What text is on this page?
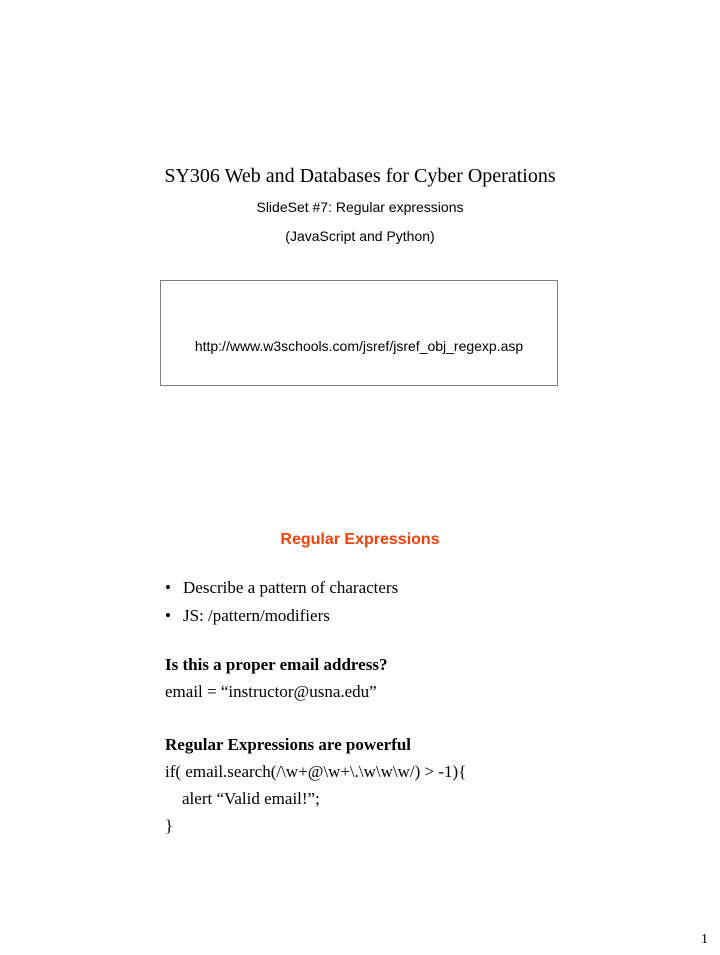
SY306 Web and Databases for Cyber Operations
SlideSet #7: Regular expressions
(JavaScript and Python)
http://www.w3schools.com/jsref/jsref_obj_regexp.asp
Regular Expressions
• Describe a pattern of characters
• JS: /pattern/modifiers
Is this a proper email address?
email = “instructor@usna.edu”
Regular Expressions are powerful
if( email.search(/\w+@\w+\.\w\w\w/) > -1){
alert “Valid email!”;
}
1
